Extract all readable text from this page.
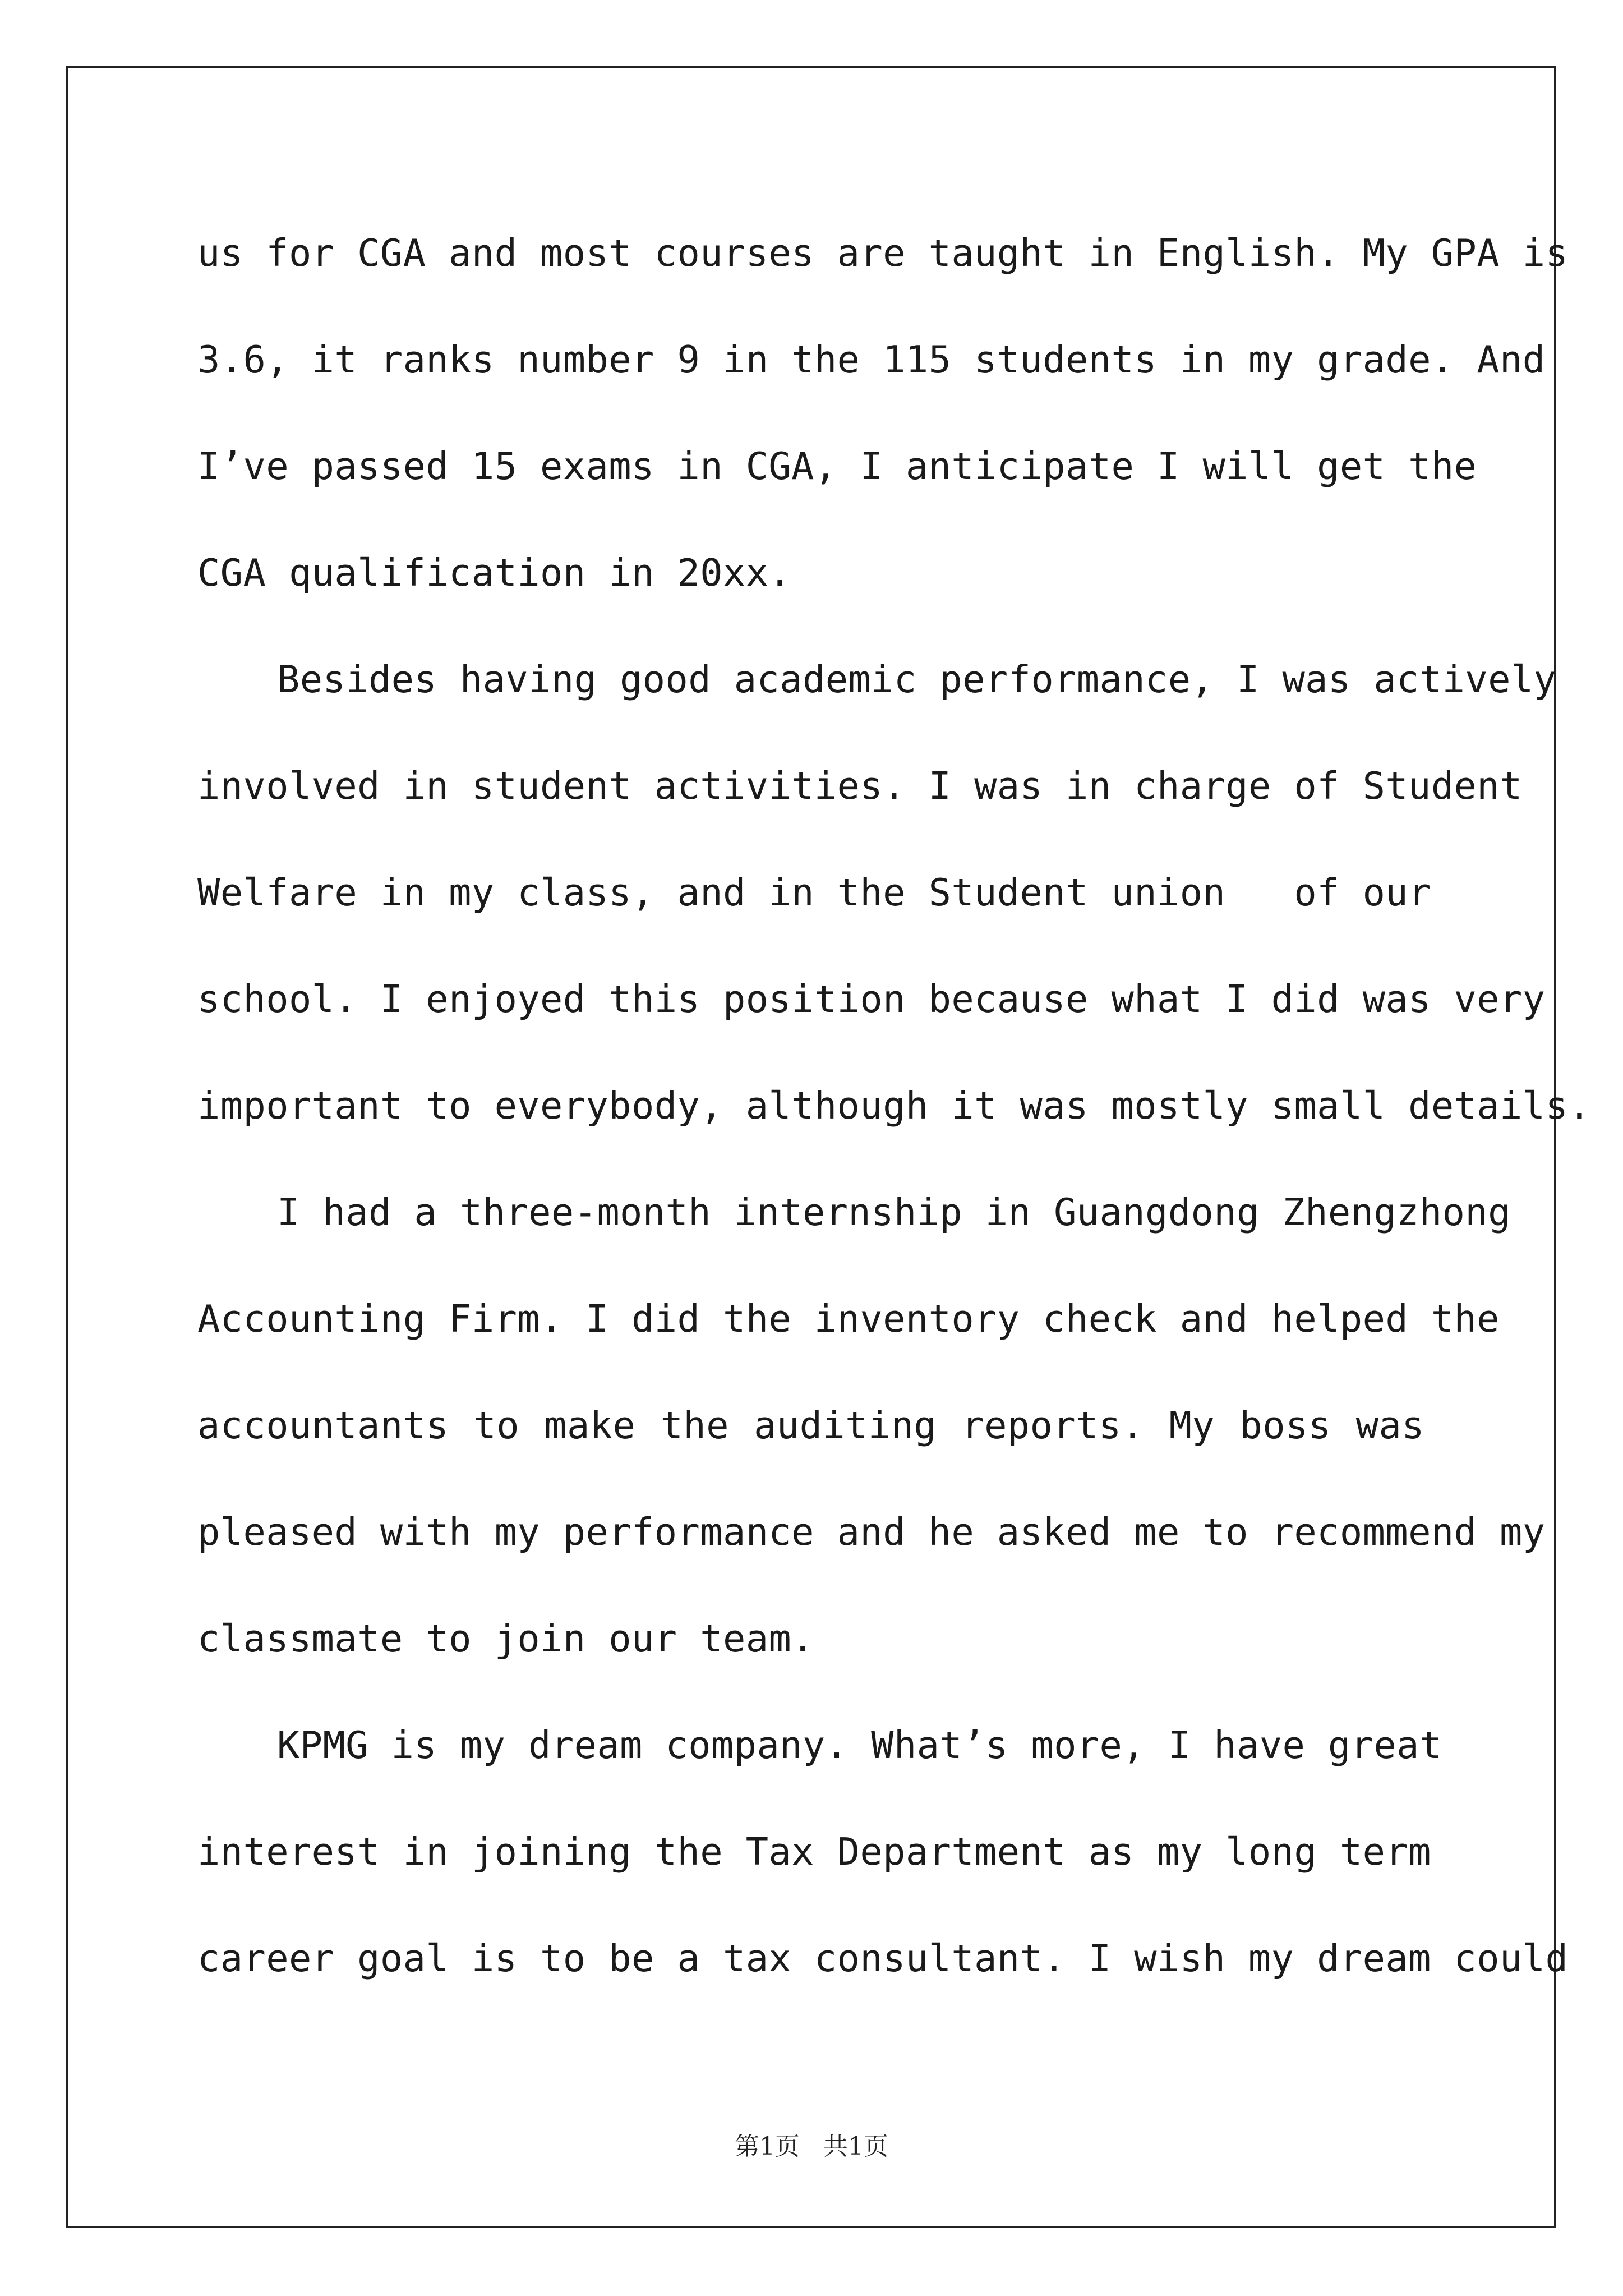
us for CGA and most courses are taught in English. My GPA is
3.6, it ranks number 9 in the 115 students in my grade. And
I’ve passed 15 exams in CGA, I anticipate I will get the
CGA qualification in 20xx.
Besides having good academic performance, I was actively
involved in student activities. I was in charge of Student
Welfare in my class, and in the Student union   of our
school. I enjoyed this position because what I did was very
important to everybody, although it was mostly small details.
I had a three-month internship in Guangdong Zhengzhong
Accounting Firm. I did the inventory check and helped the
accountants to make the auditing reports. My boss was
pleased with my performance and he asked me to recommend my
classmate to join our team.
KPMG is my dream company. What’s more, I have great
interest in joining the Tax Department as my long term
career goal is to be a tax consultant. I wish my dream could
第1页   共1页
